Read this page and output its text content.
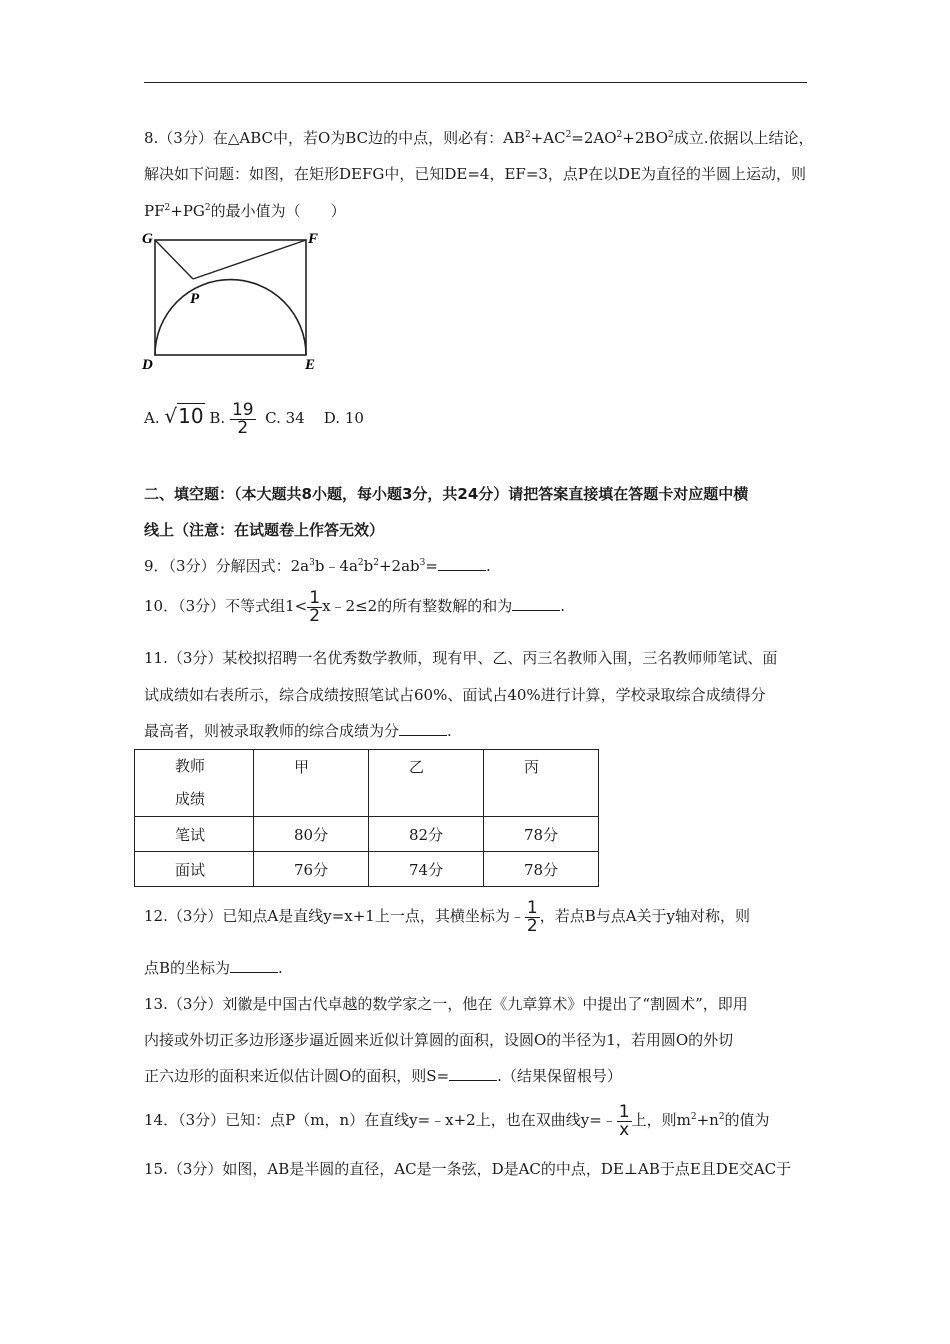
8.（3分）在△ABC中，若O为BC边的中点，则必有：$AB^2+AC^2=2AO^2+2BO^2$成立.依据以上结论，
解决如下问题：如图，在矩形DEFG中，已知DE=4，EF=3，点P在以DE为直径的半圆上运动，则
$PF^2+PG^2$的最小值为（　　）
G	F
P
D	E
A. √10 B. $\frac{19}{2} C$. 34 D. 10
二、填空题：（本大题共8小题，每小题3分，共24分）请把答案直接填在答题卡对应题中横
线上（注意：在试题卷上作答无效）
9．（3分）分解因式：$2a^3b﹣4a^2b^2+2ab^3=$	.
10．（3分）不等式组$1< \frac{1}{2}$ x﹣2≤2的所有整数解的和为	.
11.（3分）某校拟招聘一名优秀数学教师，现有甲、乙、丙三名教师入围，三名教师师笔试、面
试成绩如右表所示，综合成绩按照笔试占60%、面试占40%进行计算，学校录取综合成绩得分
最高者，则被录取教师的综合成绩为分	.
教师
成绩	甲	乙	丙
笔试	80分	82分	78分
面试	76分	74分	78分
12.（3分）已知点A是直线y=x+1上一点，其横坐标为﹣ $\frac{1}{2}$ ，若点B与点A关于y轴对称，则
点B的坐标为	.
13.（3分）刘徽是中国古代卓越的数学家之一，他在《九章算术》中提出了“割圆术”，即用
内接或外切正多边形逐步逼近圆来近似计算圆的面积，设圆O的半径为1，若用圆O的外切
正六边形的面积来近似估计圆O的面积，则S=	.（结果保留根号）
14．（3分）已知：点P（m，n）在直线y=﹣x+2上，也在双曲线y=﹣ $\frac{1}{x}$ 上，则$m^2+n^2$的值为
15.（3分）如图，AB是半圆的直径，AC是一条弦，D是AC的中点，DE⊥AB于点E且DE交AC于
